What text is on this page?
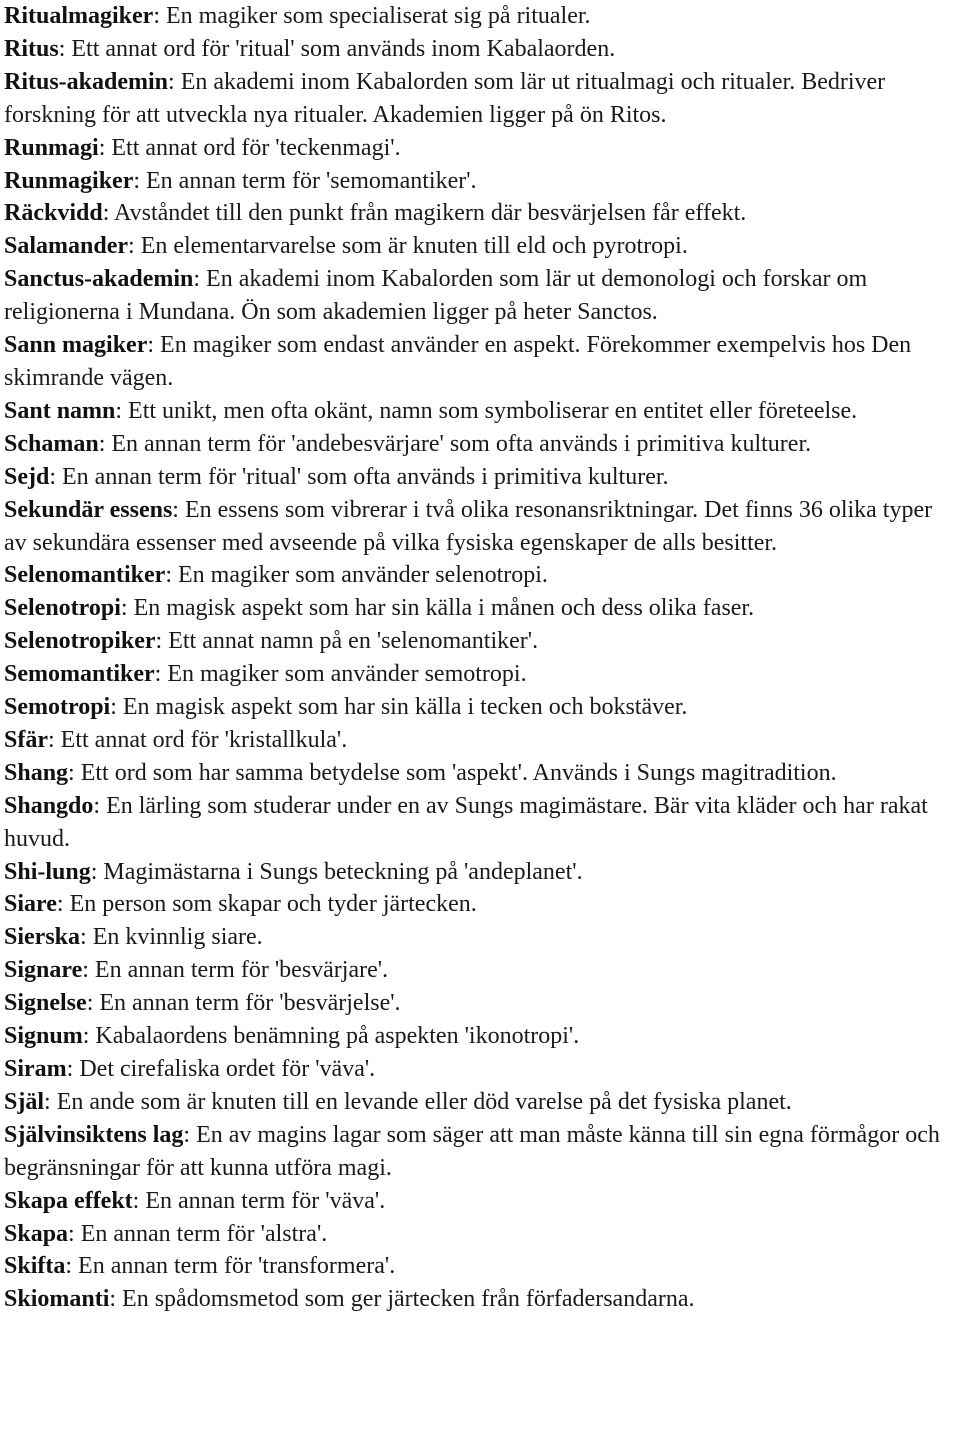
Ritualmagiker: En magiker som specialiserat sig på ritualer.

Ritus: Ett annat ord för 'ritual' som används inom Kabalaorden.

Ritus-akademin: En akademi inom Kabalorden som lär ut ritualmagi och ritualer. Bedriver forskning för att utveckla nya ritualer. Akademien ligger på ön Ritos.

Runmagi: Ett annat ord för 'teckenmagi'.

Runmagiker: En annan term för 'semomantiker'.

Räckvidd: Avståndet till den punkt från magikern där besvärjelsen får effekt.

Salamander: En elementarvarelse som är knuten till eld och pyrotropi.

Sanctus-akademin: En akademi inom Kabalorden som lär ut demonologi och forskar om religionerna i Mundana. Ön som akademien ligger på heter Sanctos.

Sann magiker: En magiker som endast använder en aspekt. Förekommer exempelvis hos Den skimrande vägen.

Sant namn: Ett unikt, men ofta okänt, namn som symboliserar en entitet eller företeelse.

Schaman: En annan term för 'andebesvärjare' som ofta används i primitiva kulturer.

Sejd: En annan term för 'ritual' som ofta används i primitiva kulturer.

Sekundär essens: En essens som vibrerar i två olika resonansriktningar. Det finns 36 olika typer av sekundära essenser med avseende på vilka fysiska egenskaper de alls besitter.

Selenomantiker: En magiker som använder selenotropi.

Selenotropi: En magisk aspekt som har sin källa i månen och dess olika faser.

Selenotropiker: Ett annat namn på en 'selenomantiker'.

Semomantiker: En magiker som använder semotropi.

Semotropi: En magisk aspekt som har sin källa i tecken och bokstäver.

Sfär: Ett annat ord för 'kristallkula'.

Shang: Ett ord som har samma betydelse som 'aspekt'. Används i Sungs magitradition.

Shangdo: En lärling som studerar under en av Sungs magimästare. Bär vita kläder och har rakat huvud.

Shi-lung: Magimästarna i Sungs beteckning på 'andeplanet'.

Siare: En person som skapar och tyder järtecken.

Sierska: En kvinnlig siare.

Signare: En annan term för 'besvärjare'.

Signelse: En annan term för 'besvärjelse'.

Signum: Kabalaordens benämning på aspekten 'ikonotropi'.

Siram: Det cirefaliska ordet för 'väva'.

Själ: En ande som är knuten till en levande eller död varelse på det fysiska planet.

Självinsiktens lag: En av magins lagar som säger att man måste känna till sin egna förmågor och begränsningar för att kunna utföra magi.

Skapa effekt: En annan term för 'väva'.

Skapa: En annan term för 'alstra'.

Skifta: En annan term för 'transformera'.

Skiomanti: En spådomsmetod som ger järtecken från förfadersandarna.
